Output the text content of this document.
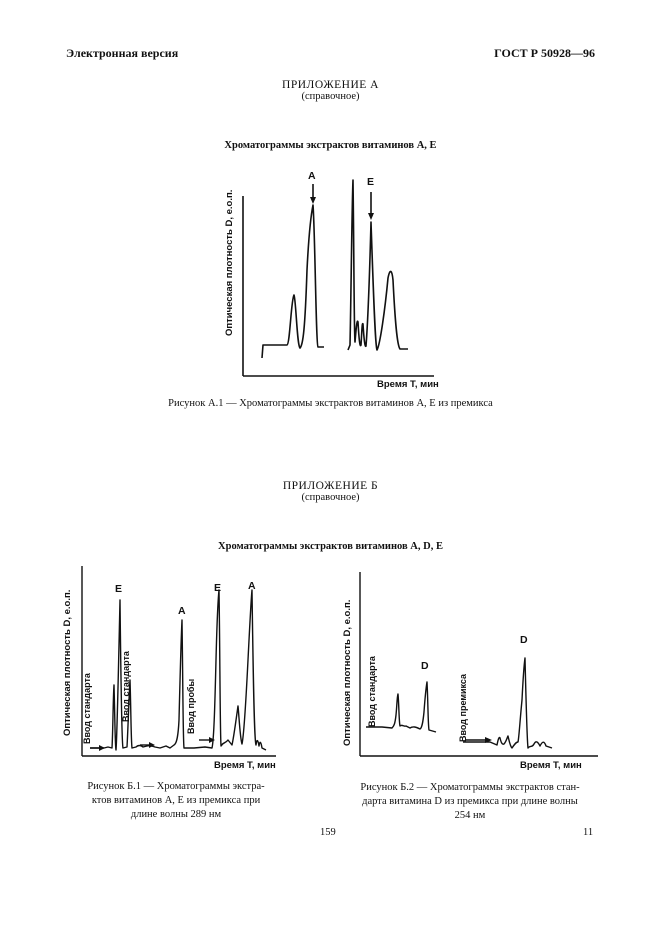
Электронная версия	ГОСТ Р 50928—96
ПРИЛОЖЕНИЕ А
(справочное)
Хроматограммы экстрактов витаминов А, Е
А	Е
Оптическая плотность D, е.о.п.
Время Т, мин
Рисунок А.1 — Хроматограммы экстрактов витаминов А, Е из премикса
ПРИЛОЖЕНИЕ Б
(справочное)
Хроматограммы экстрактов витаминов А, D, Е
Е
А
Е	А
Ввод стандарта	Ввод стандарта	Ввод пробы
Оптическая плотность D, е.о.п.
Время Т, мин
Рисунок Б.1 — Хроматограммы экстра-
ктов витаминов А, Е из премикса при
длине волны 289 нм
D
D
Ввод стандарта	Ввод премикса
Оптическая плотность D, е.о.п.
Время Т, мин
Рисунок Б.2 — Хроматограммы экстрактов стан-
дарта витамина D из премикса при длине волны
254 нм
159	11
